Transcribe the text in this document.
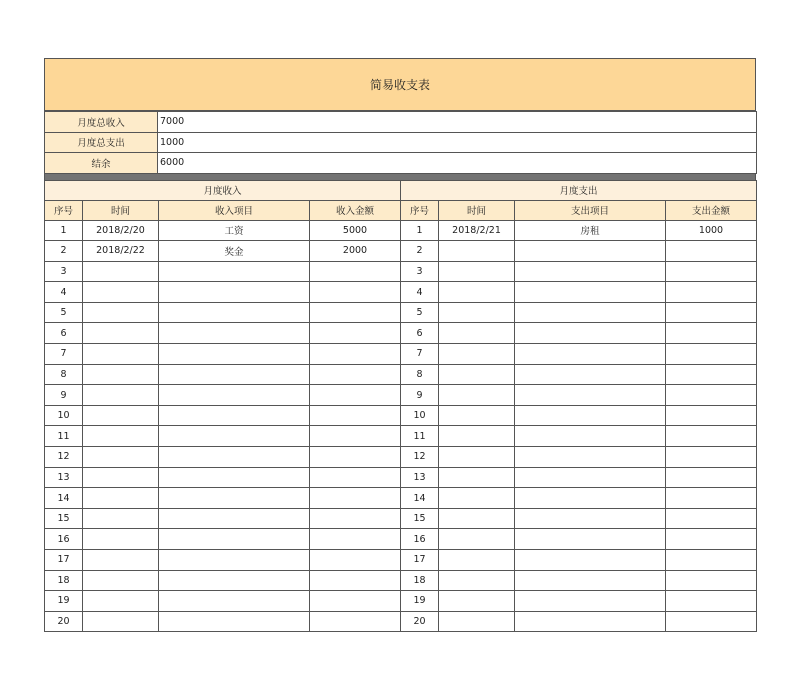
简易收支表
月度总收入	7000
月度总支出	1000
结余	6000
月度收入				月度支出			
序号	时间	收入项目	收入金额	序号	时间	支出项目	支出金额
1	2018/2/20	工资	5000	1	2018/2/21	房租	1000
2	2018/2/22	奖金	2000	2			
3				3			
4				4			
5				5			
6				6			
7				7			
8				8			
9				9			
10				10			
11				11			
12				12			
13				13			
14				14			
15				15			
16				16			
17				17			
18				18			
19				19			
20				20			
